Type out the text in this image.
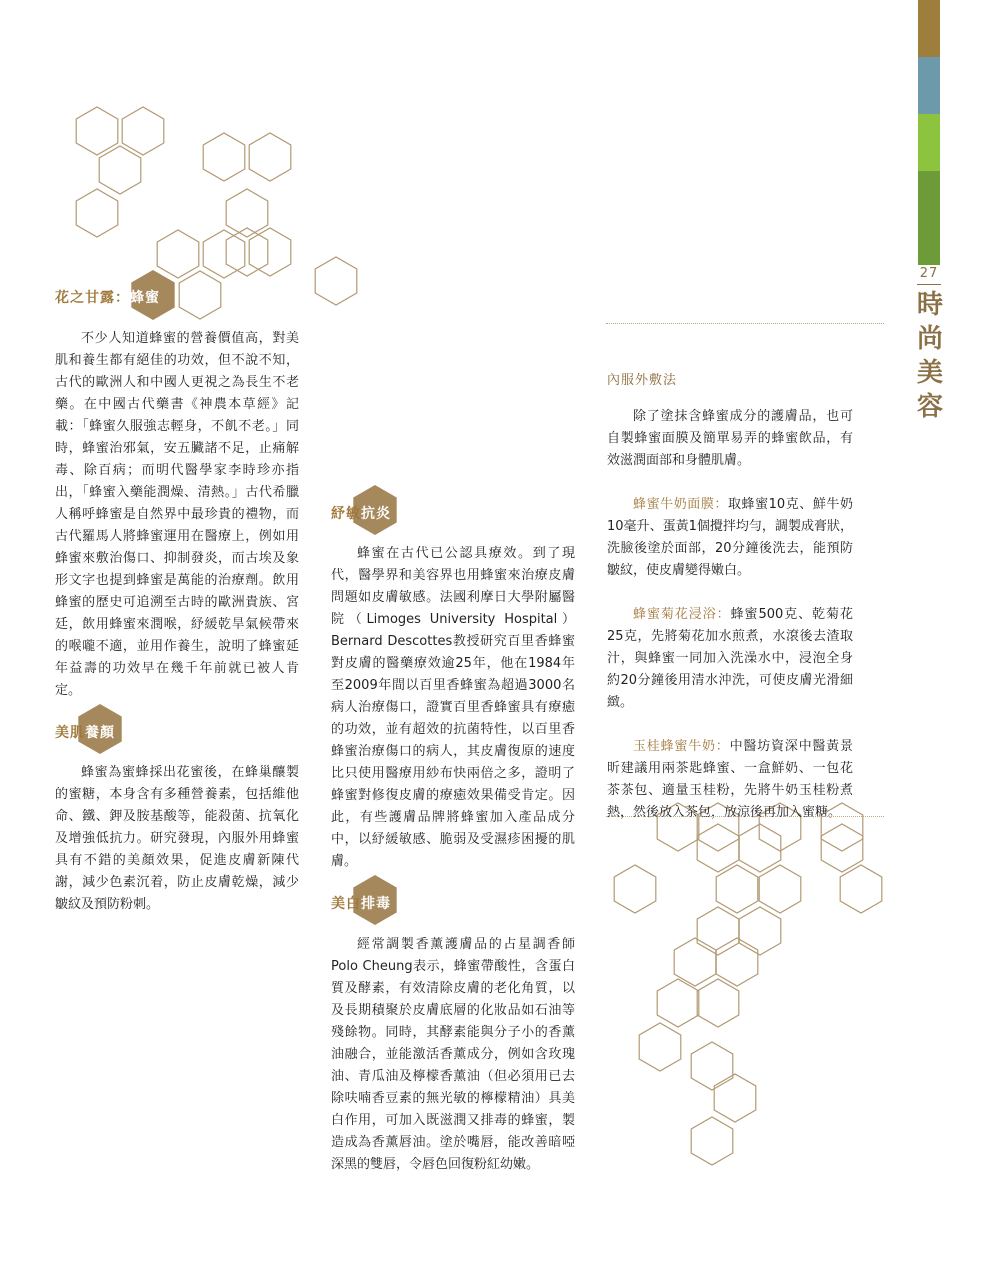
27
時
尚
美
容
花之甘露：蜂蜜

不少人知道蜂蜜的營養價值高，對美肌和養生都有絕佳的功效，但不說不知，古代的歐洲人和中國人更視之為長生不老藥。在中國古代藥書《神農本草經》記載：「蜂蜜久服強志輕身，不飢不老。」同時，蜂蜜治邪氣，安五臟諸不足，止痛解毒、除百病；而明代醫學家李時珍亦指出，「蜂蜜入藥能潤燥、清熱。」古代希臘人稱呼蜂蜜是自然界中最珍貴的禮物，而古代羅馬人將蜂蜜運用在醫療上，例如用蜂蜜來敷治傷口、抑制發炎，而古埃及象形文字也提到蜂蜜是萬能的治療劑。飲用蜂蜜的歷史可追溯至古時的歐洲貴族、宮廷，飲用蜂蜜來潤喉，紓緩乾旱氣候帶來的喉嚨不適，並用作養生，說明了蜂蜜延年益壽的功效早在幾千年前就已被人肯定。

美肌養顏

蜂蜜為蜜蜂採出花蜜後，在蜂巢釀製的蜜糖，本身含有多種營養素，包括維他命、鐵、鉀及胺基酸等，能殺菌、抗氧化及增強低抗力。研究發現，內服外用蜂蜜具有不錯的美顏效果，促進皮膚新陳代謝，減少色素沉着，防止皮膚乾燥，減少皺紋及預防粉刺。

紓敏抗炎

蜂蜜在古代已公認具療效。到了現代，醫學界和美容界也用蜂蜜來治療皮膚問題如皮膚敏感。法國利摩日大學附屬醫院（Limoges University Hospital）Bernard Descottes教授研究百里香蜂蜜對皮膚的醫藥療效逾25年，他在1984年至2009年間以百里香蜂蜜為超過3000名病人治療傷口，證實百里香蜂蜜具有療癒的功效，並有超效的抗菌特性，以百里香蜂蜜治療傷口的病人，其皮膚復原的速度比只使用醫療用紗布快兩倍之多，證明了蜂蜜對修復皮膚的療癒效果備受肯定。因此，有些護膚品牌將蜂蜜加入產品成分中，以紓緩敏感、脆弱及受濕疹困擾的肌膚。

美白排毒

經常調製香薰護膚品的占星調香師Polo Cheung表示，蜂蜜帶酸性，含蛋白質及酵素，有效清除皮膚的老化角質，以及長期積聚於皮膚底層的化妝品如石油等殘餘物。同時，其酵素能與分子小的香薰油融合，並能激活香薰成分，例如含玫瑰油、青瓜油及檸檬香薰油（但必須用已去除呋喃香豆素的無光敏的檸檬精油）具美白作用，可加入既滋潤又排毒的蜂蜜，製造成為香薰唇油。塗於嘴唇，能改善暗啞深黑的雙唇，令唇色回復粉紅幼嫩。

內服外敷法

除了塗抹含蜂蜜成分的護膚品，也可自製蜂蜜面膜及簡單易弄的蜂蜜飲品，有效滋潤面部和身體肌膚。

蜂蜜牛奶面膜：取蜂蜜10克、鮮牛奶10毫升、蛋黃1個攪拌均勻，調製成膏狀，洗臉後塗於面部，20分鐘後洗去，能預防皺紋，使皮膚變得嫩白。

蜂蜜菊花浸浴：蜂蜜500克、乾菊花25克，先將菊花加水煎煮，水滾後去渣取汁，與蜂蜜一同加入洗澡水中，浸泡全身約20分鐘後用清水沖洗，可使皮膚光滑細緻。

玉桂蜂蜜牛奶：中醫坊資深中醫黃景昕建議用兩茶匙蜂蜜、一盒鮮奶、一包花茶茶包、適量玉桂粉，先將牛奶玉桂粉煮熱，然後放入茶包，放涼後再加入蜜糖。
